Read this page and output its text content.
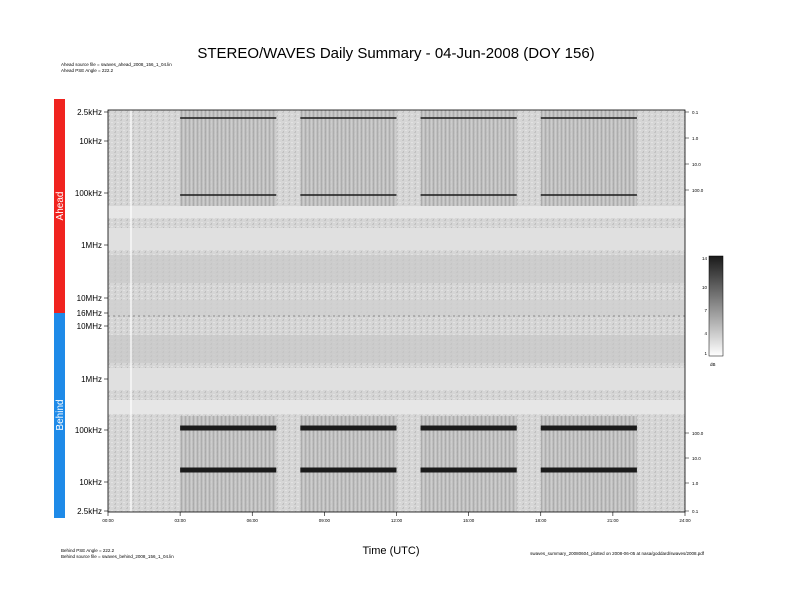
STEREO/WAVES Daily Summary - 04-Jun-2008 (DOY 156)
Ahead source file = swaves_ahead_2008_156_1_04.lin
Ahead PSE Angle = 222.2
Ahead
Behind
2.5kHz
10kHz
100kHz
1MHz
10MHz
16MHz
10MHz
1MHz
100kHz
10kHz
2.5kHz
0.1
1.0
10.0
100.0
100.0
10.0
1.0
0.1
00:00	03:00	06:00	09:00	12:00	15:00	18:00	21:00	24:00
14
10
7
4
1
dB
Time (UTC)
Behind PSE Angle = 222.2
Behind source file = swaves_behind_2008_156_1_04.lin
swaves_summary_20080604_plotted on 2008-06-05 at nasa/goddard/swaves/2008.pdf
